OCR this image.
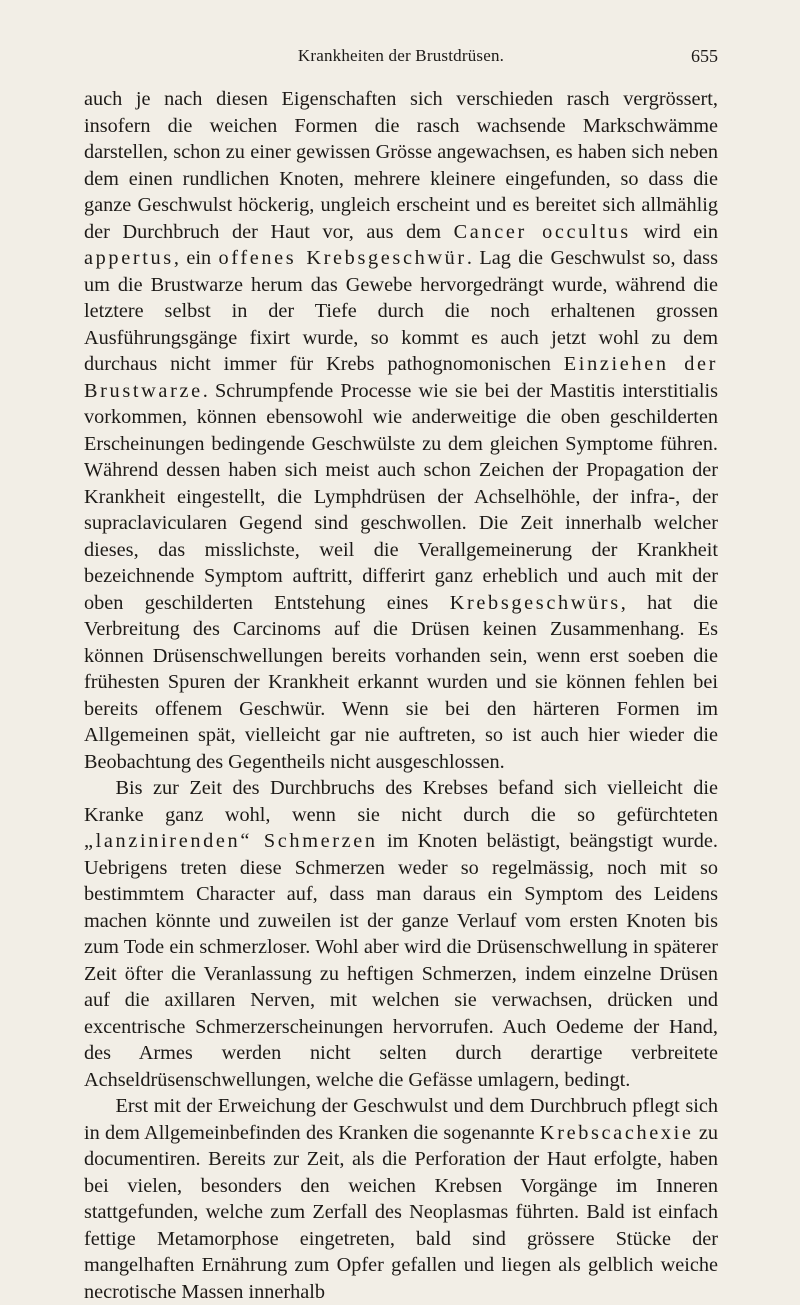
Krankheiten der Brustdrüsen.	655

auch je nach diesen Eigenschaften sich verschieden rasch vergrössert, insofern die weichen Formen die rasch wachsende Markschwämme darstellen, schon zu einer gewissen Grösse angewachsen, es haben sich neben dem einen rundlichen Knoten, mehrere kleinere eingefunden, so dass die ganze Geschwulst höckerig, ungleich erscheint und es bereitet sich allmählig der Durchbruch der Haut vor, aus dem Cancer occultus wird ein appertus, ein offenes Krebsgeschwür. Lag die Geschwulst so, dass um die Brustwarze herum das Gewebe hervorgedrängt wurde, während die letztere selbst in der Tiefe durch die noch erhaltenen grossen Ausführungsgänge fixirt wurde, so kommt es auch jetzt wohl zu dem durchaus nicht immer für Krebs pathognomonischen Einziehen der Brustwarze. Schrumpfende Processe wie sie bei der Mastitis interstitialis vorkommen, können ebensowohl wie anderweitige die oben geschilderten Erscheinungen bedingende Geschwülste zu dem gleichen Symptome führen. Während dessen haben sich meist auch schon Zeichen der Propagation der Krankheit eingestellt, die Lymphdrüsen der Achselhöhle, der infra-, der supraclavicularen Gegend sind geschwollen. Die Zeit innerhalb welcher dieses, das misslichste, weil die Verallgemeinerung der Krankheit bezeichnende Symptom auftritt, differirt ganz erheblich und auch mit der oben geschilderten Entstehung eines Krebsgeschwürs, hat die Verbreitung des Carcinoms auf die Drüsen keinen Zusammenhang. Es können Drüsenschwellungen bereits vorhanden sein, wenn erst soeben die frühesten Spuren der Krankheit erkannt wurden und sie können fehlen bei bereits offenem Geschwür. Wenn sie bei den härteren Formen im Allgemeinen spät, vielleicht gar nie auftreten, so ist auch hier wieder die Beobachtung des Gegentheils nicht ausgeschlossen.

Bis zur Zeit des Durchbruchs des Krebses befand sich vielleicht die Kranke ganz wohl, wenn sie nicht durch die so gefürchteten „lanzinirenden“ Schmerzen im Knoten belästigt, beängstigt wurde. Uebrigens treten diese Schmerzen weder so regelmässig, noch mit so bestimmtem Character auf, dass man daraus ein Symptom des Leidens machen könnte und zuweilen ist der ganze Verlauf vom ersten Knoten bis zum Tode ein schmerzloser. Wohl aber wird die Drüsenschwellung in späterer Zeit öfter die Veranlassung zu heftigen Schmerzen, indem einzelne Drüsen auf die axillaren Nerven, mit welchen sie verwachsen, drücken und excentrische Schmerzerscheinungen hervorrufen. Auch Oedeme der Hand, des Armes werden nicht selten durch derartige verbreitete Achseldrüsenschwellungen, welche die Gefässe umlagern, bedingt.

Erst mit der Erweichung der Geschwulst und dem Durchbruch pflegt sich in dem Allgemeinbefinden des Kranken die sogenannte Krebscachexie zu documentiren. Bereits zur Zeit, als die Perforation der Haut erfolgte, haben bei vielen, besonders den weichen Krebsen Vorgänge im Inneren stattgefunden, welche zum Zerfall des Neoplasmas führten. Bald ist einfach fettige Metamorphose eingetreten, bald sind grössere Stücke der mangelhaften Ernährung zum Opfer gefallen und liegen als gelblich weiche necrotische Massen innerhalb
